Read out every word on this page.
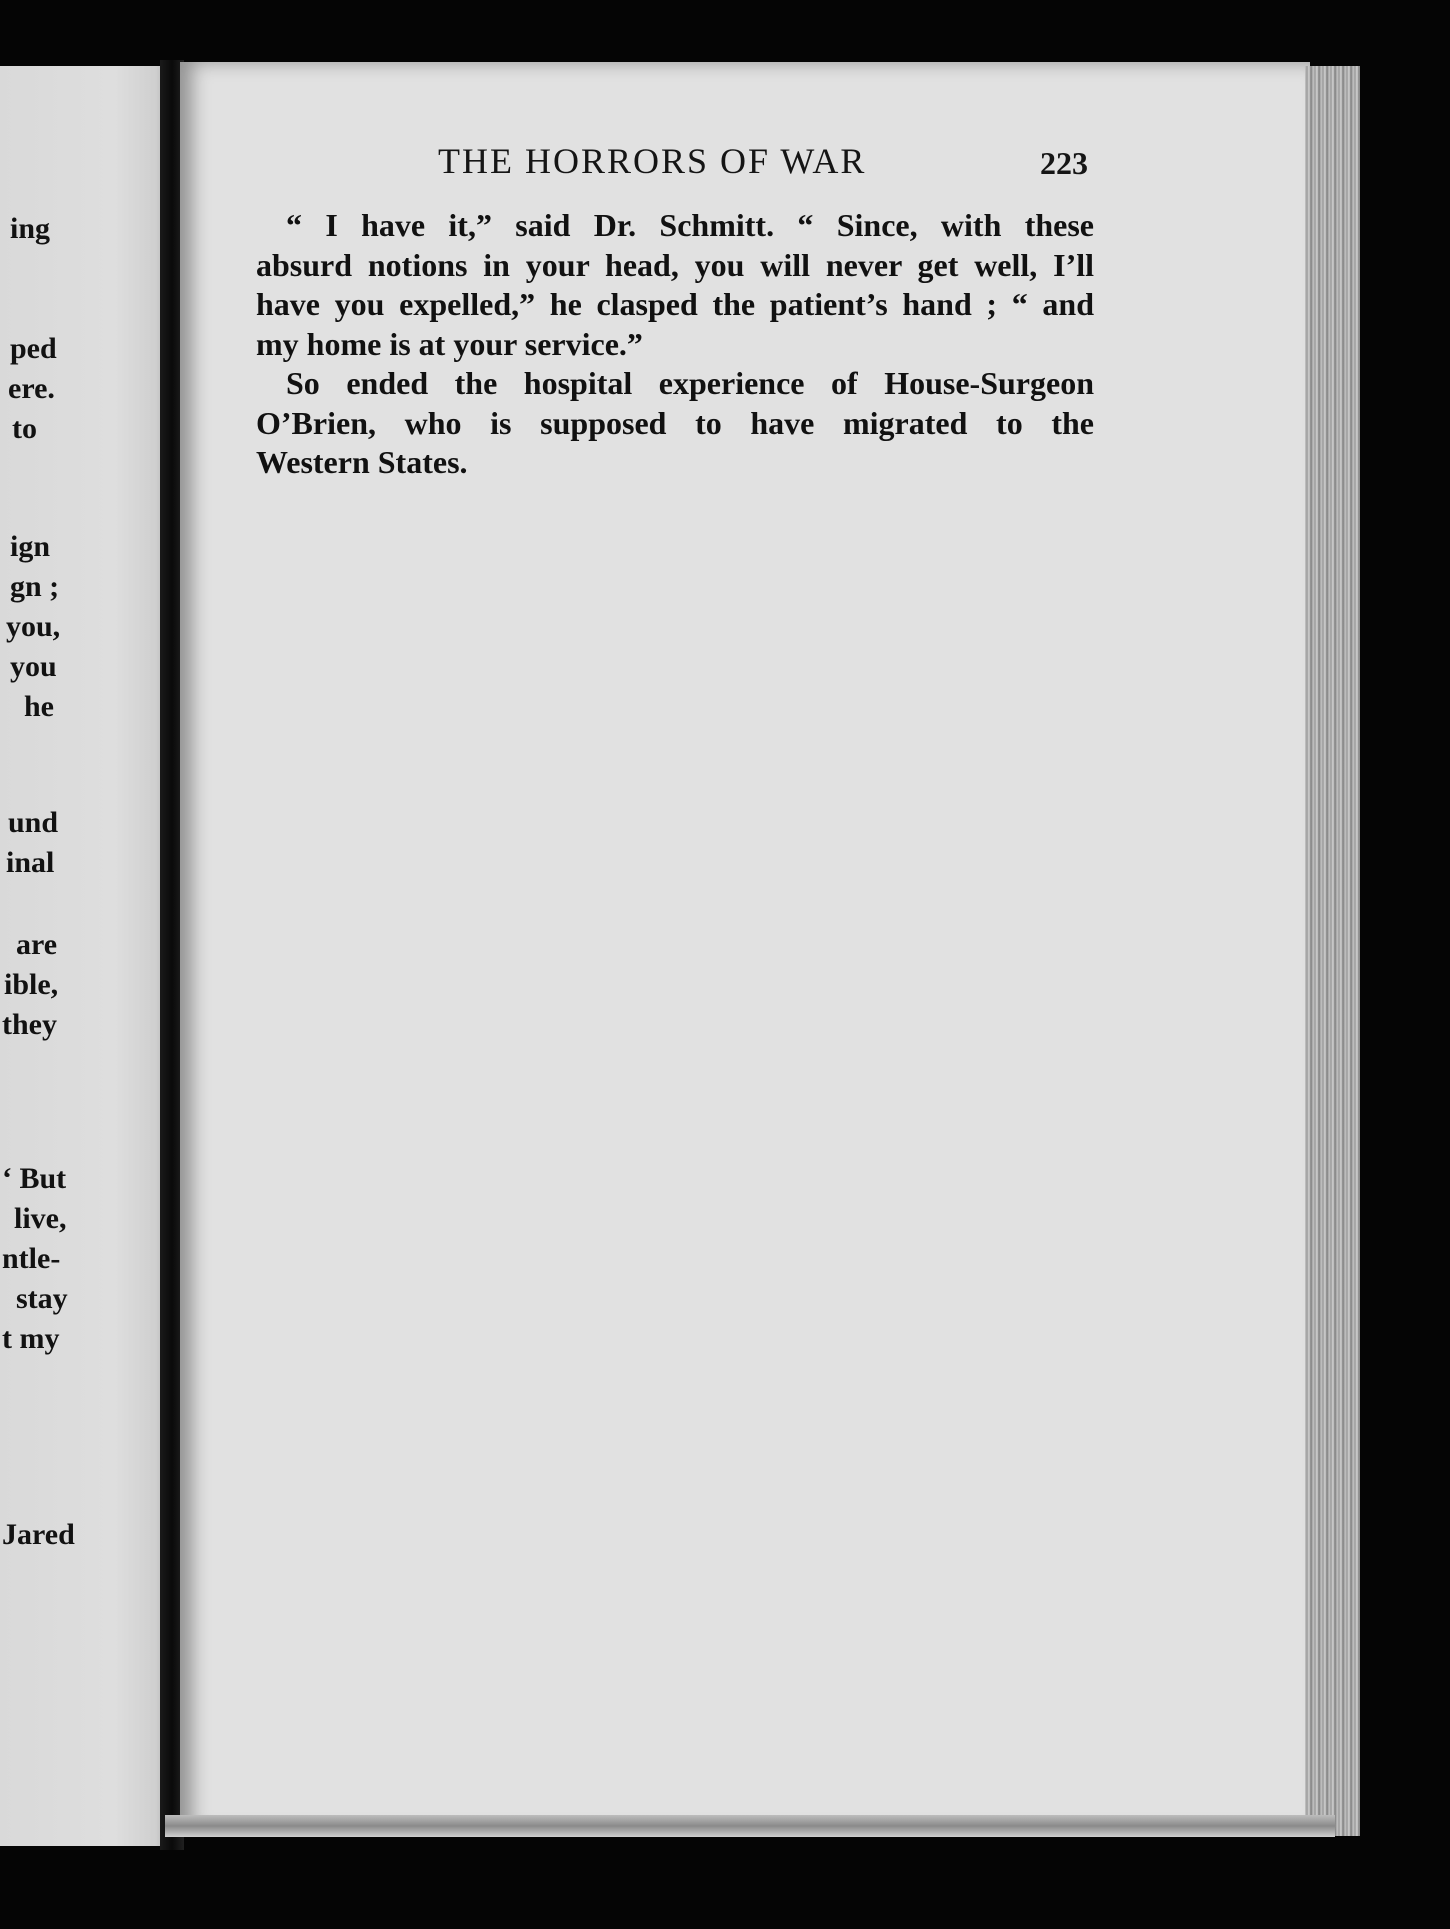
ing
ped
ere.
to
ign
gn ;
you,
you
he
und
inal
are
ible,
they
‘ But
live,
ntle-
stay
t my
Jared
THE HORRORS OF WAR	223
“ I have it,” said Dr. Schmitt. “ Since, with these
absurd notions in your head, you will never get well, I’ll
have you expelled,” he clasped the patient’s hand ; “ and
my home is at your service.”
So ended the hospital experience of House-Surgeon
O’Brien, who is supposed to have migrated to the
Western States.
